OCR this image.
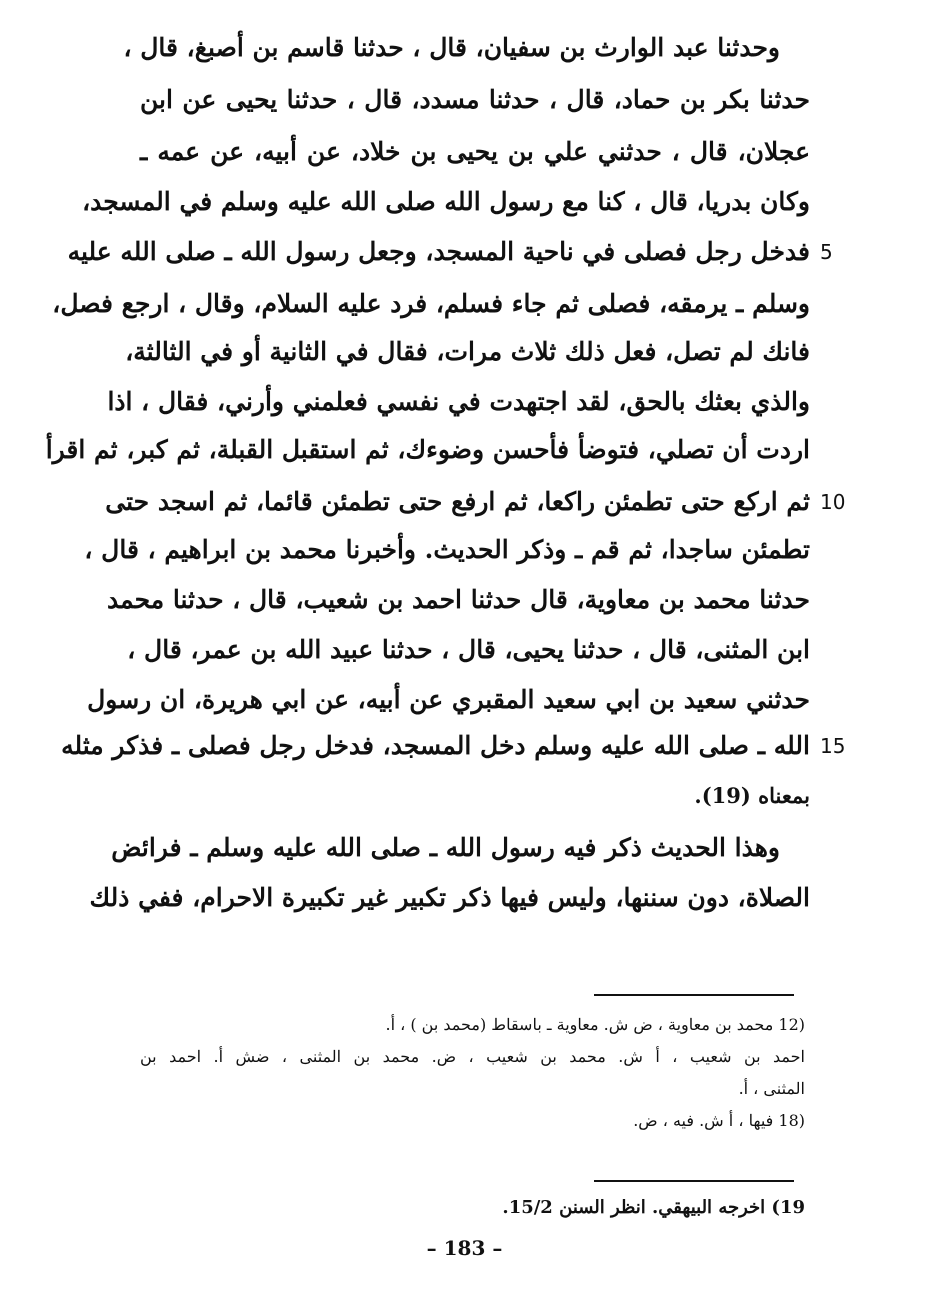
وحدثنا عبد الوارث بن سفيان، قال ، حدثنا قاسم بن أصبغ، قال ،
حدثنا بكر بن حماد، قال ، حدثنا مسدد، قال ، حدثنا يحيى عن ابن
عجلان، قال ، حدثني علي بن يحيى بن خلاد، عن أبيه، عن عمه ـ
وكان بدريا، قال ، كنا مع رسول الله صلى الله عليه وسلم في المسجد،
فدخل رجل فصلى في ناحية المسجد، وجعل رسول الله ـ صلى الله عليه
وسلم ـ يرمقه، فصلى ثم جاء فسلم، فرد عليه السلام، وقال ، ارجع فصل،
فانك لم تصل، فعل ذلك ثلاث مرات، فقال في الثانية أو في الثالثة،
والذي بعثك بالحق، لقد اجتهدت في نفسي فعلمني وأرني، فقال ، اذا
اردت أن تصلي، فتوضأ فأحسن وضوءك، ثم استقبل القبلة، ثم كبر، ثم اقرأ
ثم اركع حتى تطمئن راكعا، ثم ارفع حتى تطمئن قائما، ثم اسجد حتى
تطمئن ساجدا، ثم قم ـ وذكر الحديث. وأخبرنا محمد بن ابراهيم ، قال ،
حدثنا محمد بن معاوية، قال حدثنا احمد بن شعيب، قال ، حدثنا محمد
ابن المثنى، قال ، حدثنا يحيى، قال ، حدثنا عبيد الله بن عمر، قال ،
حدثني سعيد بن ابي سعيد المقبري عن أبيه، عن ابي هريرة، ان رسول
الله ـ صلى الله عليه وسلم دخل المسجد، فدخل رجل فصلى ـ فذكر مثله
بمعناه (19).
وهذا الحديث ذكر فيه رسول الله ـ صلى الله عليه وسلم ـ فرائض
الصلاة، دون سننها، وليس فيها ذكر تكبير غير تكبيرة الاحرام، ففي ذلك
5
10
15
(12 محمد بن معاوية ، ض ش. معاوية ـ باسقاط (محمد بن ) ، أ.
احمد بن شعيب ، أ ش. محمد بن شعيب ، ض. محمد بن المثنى ، ضش أ. احمد بن
المثنى ، أ.
(18 فيها ، أ ش. فيه ، ض.
19) اخرجه البيهقي. انظر السنن 15/2.
– 183 –
